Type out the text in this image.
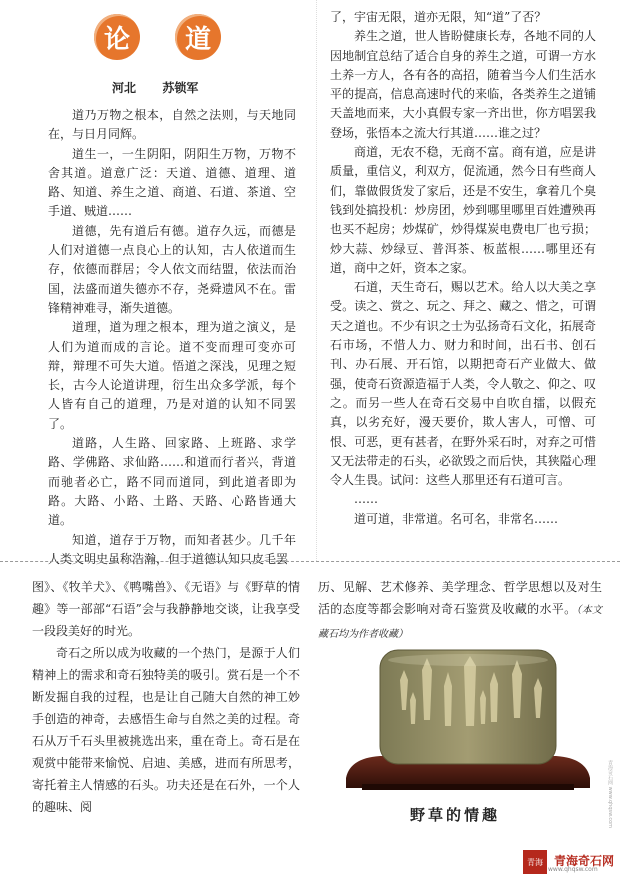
论	道
河北 苏锁军

道乃万物之根本，自然之法则，与天地同在，与日月同辉。

道生一，一生阴阳，阴阳生万物，万物不舍其道。道意广泛：天道、道德、道理、道路、知道、养生之道、商道、石道、茶道、空手道、贼道……

道德，先有道后有德。道存久远，而德是人们对道德一点良心上的认知，古人依道而生存，依德而群居；令人依文而结盟，依法而治国，法盛而道失德亦不存，尧舜遗风不在。雷锋精神难寻，渐失道德。

道理，道为理之根本，理为道之演义，是人们为道而成的言论。道不变而理可变亦可辩，辩理不可失大道。悟道之深浅，见理之短长，古今人论道讲理，衍生出众多学派，每个人皆有自己的道理，乃是对道的认知不同罢了。

道路，人生路、回家路、上班路、求学路、学佛路、求仙路……和道而行者兴，背道而驰者必亡，路不同而道同，到此道者即为路。大路、小路、土路、天路、心路皆通大道。

知道，道存于万物，而知者甚少。几千年人类文明史虽称浩瀚，但于道德认知只皮毛罢

了，宇宙无限，道亦无限，知“道”了否？

养生之道，世人皆盼健康长寿，各地不同的人因地制宜总结了适合自身的养生之道，可谓一方水土养一方人，各有各的高招，随着当今人们生活水平的提高，信息高速时代的来临，各类养生之道铺天盖地而来，大小真假专家一齐出世，你方唱罢我登场，张悟本之流大行其道……谁之过？

商道，无农不稳，无商不富。商有道，应是讲质量，重信义，利双方，促流通，然今日有些商人们，靠做假货发了家后，还是不安生，拿着几个臭钱到处搞投机：炒房团，炒到哪里哪里百姓遭殃再也买不起房；炒煤矿，炒得煤炭电费电厂也亏损；炒大蒜、炒绿豆、普洱茶、板蓝根……哪里还有道，商中之奸，资本之家。

石道，天生奇石，赐以艺术。给人以大美之享受。读之、赏之、玩之、拜之、藏之、惜之，可谓天之道也。不少有识之士为弘扬奇石文化，拓展奇石市场，不惜人力、财力和时间，出石书、创石刊、办石展、开石馆，以期把奇石产业做大、做强，使奇石资源造福于人类，令人敬之、仰之、叹之。而另一些人在奇石交易中自吹自擂，以假充真，以劣充好，漫天要价，欺人害人，可憎、可恨、可恶，更有甚者，在野外采石时，对弃之可惜又无法带走的石头，必欲毁之而后快，其狭隘心理令人生畏。试问：这些人那里还有石道可言。

……

道可道，非常道。名可名，非常名……

图》、《牧羊犬》、《鸭嘴兽》、《无语》与《野草的情趣》等一部部“石语”会与我静静地交谈，让我享受一段段美好的时光。

奇石之所以成为收藏的一个热门，是源于人们精神上的需求和奇石独特美的吸引。赏石是一个不断发掘自我的过程，也是让自己随大自然的神工妙手创造的神奇，去感悟生命与自然之美的过程。奇石从万千石头里被挑选出来，重在奇上。奇石是在观赏中能带来愉悦、启迪、美感，进而有所思考，寄托着主人情感的石头。功夫还是在石外，一个人的趣味、阅

历、见解、艺术修养、美学理念、哲学思想以及对生活的态度等都会影响对奇石鉴赏及收藏的水平。（本文藏石均为作者收藏）

野草的情趣	青海奇石网 www.qhqsw.com
青海 青海奇石网
www.qhqsw.com
